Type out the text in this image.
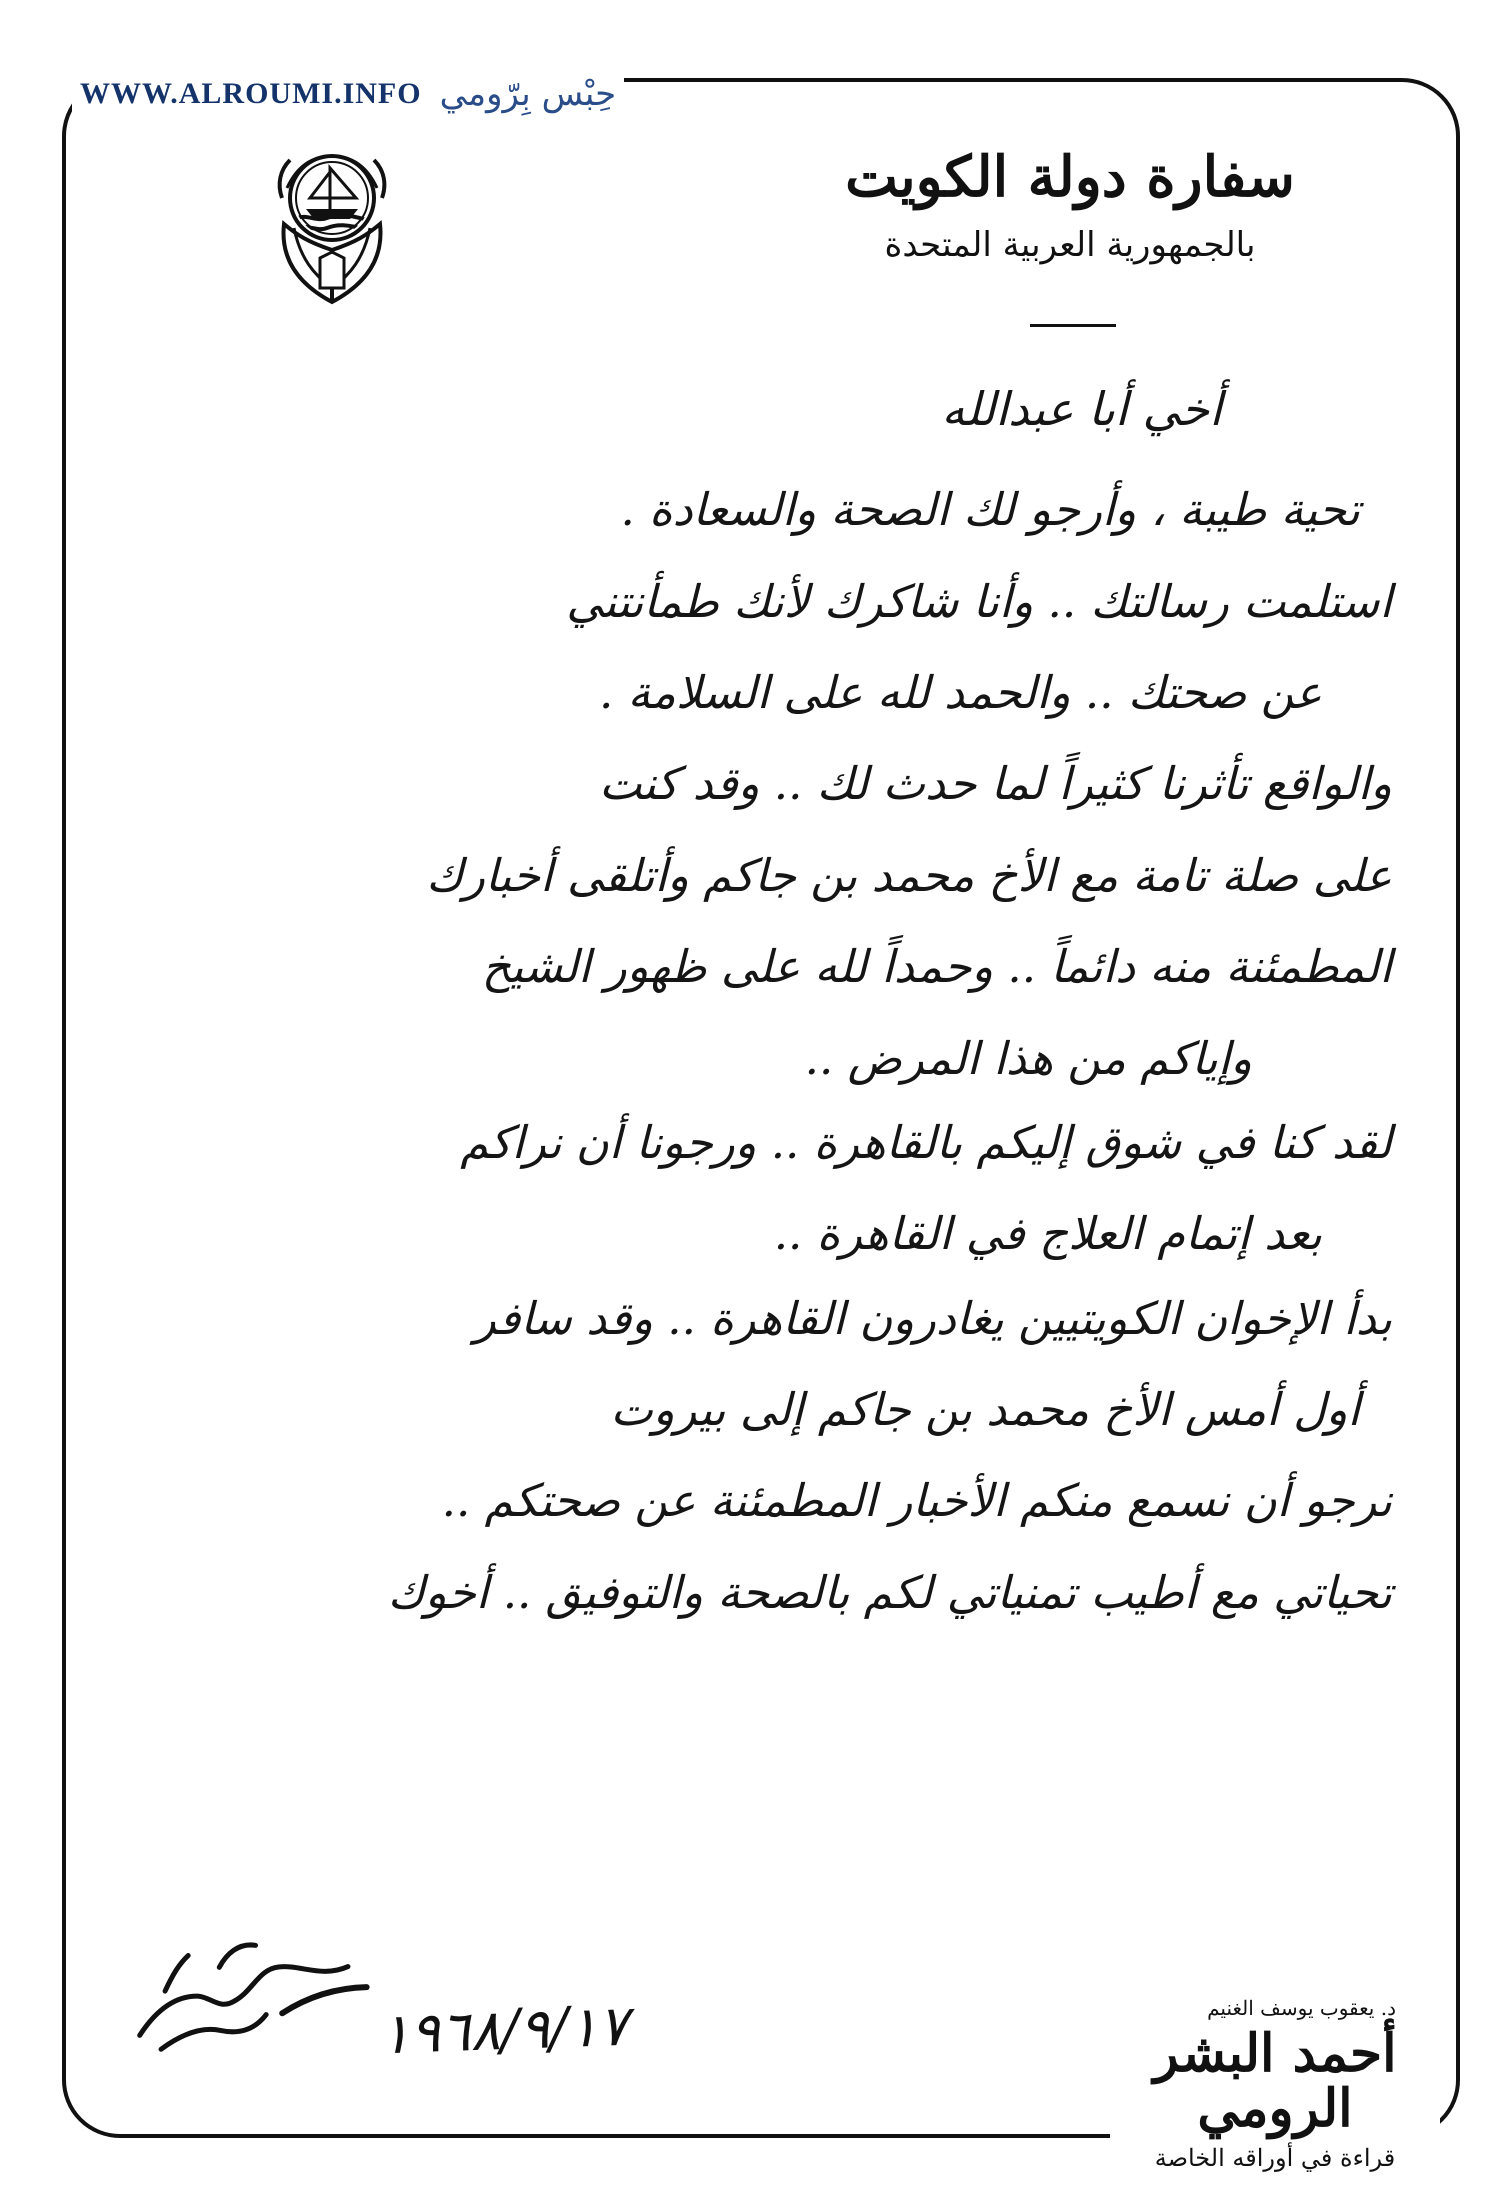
WWW.ALROUMI.INFO حِبْس بِرّومي
سفارة دولة الكويت
بالجمهورية العربية المتحدة
أخي أبا عبدالله
تحية طيبة ، وأرجو لك الصحة والسعادة .
استلمت رسالتك .. وأنا شاكرك لأنك طمأنتني
عن صحتك .. والحمد لله على السلامة .
والواقع تأثرنا كثيراً لما حدث لك .. وقد كنت
على صلة تامة مع الأخ محمد بن جاكم وأتلقى أخبارك
المطمئنة منه دائماً .. وحمداً لله على ظهور الشيخ
وإياكم من هذا المرض ..
لقد كنا في شوق إليكم بالقاهرة .. ورجونا أن نراكم
بعد إتمام العلاج في القاهرة ..
بدأ الإخوان الكويتيين يغادرون القاهرة .. وقد سافر
أول أمس الأخ محمد بن جاكم إلى بيروت
نرجو أن نسمع منكم الأخبار المطمئنة عن صحتكم ..
تحياتي مع أطيب تمنياتي لكم بالصحة والتوفيق .. أخوك
١٩٦٨/٩/١٧	د. يعقوب يوسف الغنيم
أحمد البشر الرومي
قراءة في أوراقه الخاصة
